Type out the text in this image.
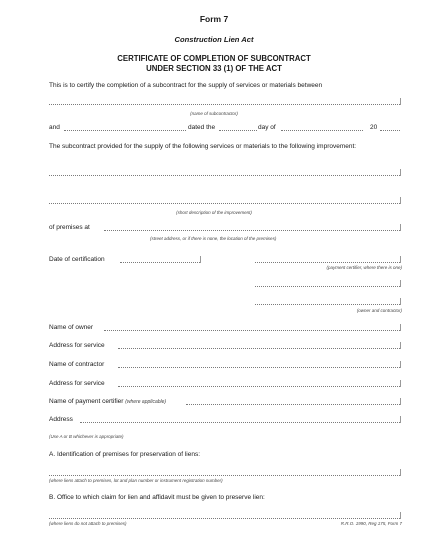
Form 7
Construction Lien Act
CERTIFICATE OF COMPLETION OF SUBCONTRACT
UNDER SECTION 33 (1) OF THE ACT
This is to certify the completion of a subcontract for the supply of services or materials between
(name of subcontractor)
and	dated the	day of	20
The subcontract provided for the supply of the following services or materials to the following improvement:
(short description of the improvement)
of premises at
(street address, or if there is none, the location of the premises)
Date of certification
(payment certifier, where there is one)
(owner and contractor)
Name of owner
Address for service
Name of contractor
Address for service
Name of payment certifier (where applicable)
Address
(Use A or B whichever is appropriate)
A. Identification of premises for preservation of liens:
(where liens attach to premises, lot and plan number or instrument registration number)
B. Office to which claim for lien and affidavit must be given to preserve lien:
(where liens do not attach to premises)	R.R.O. 1990, Reg 175, Form 7
